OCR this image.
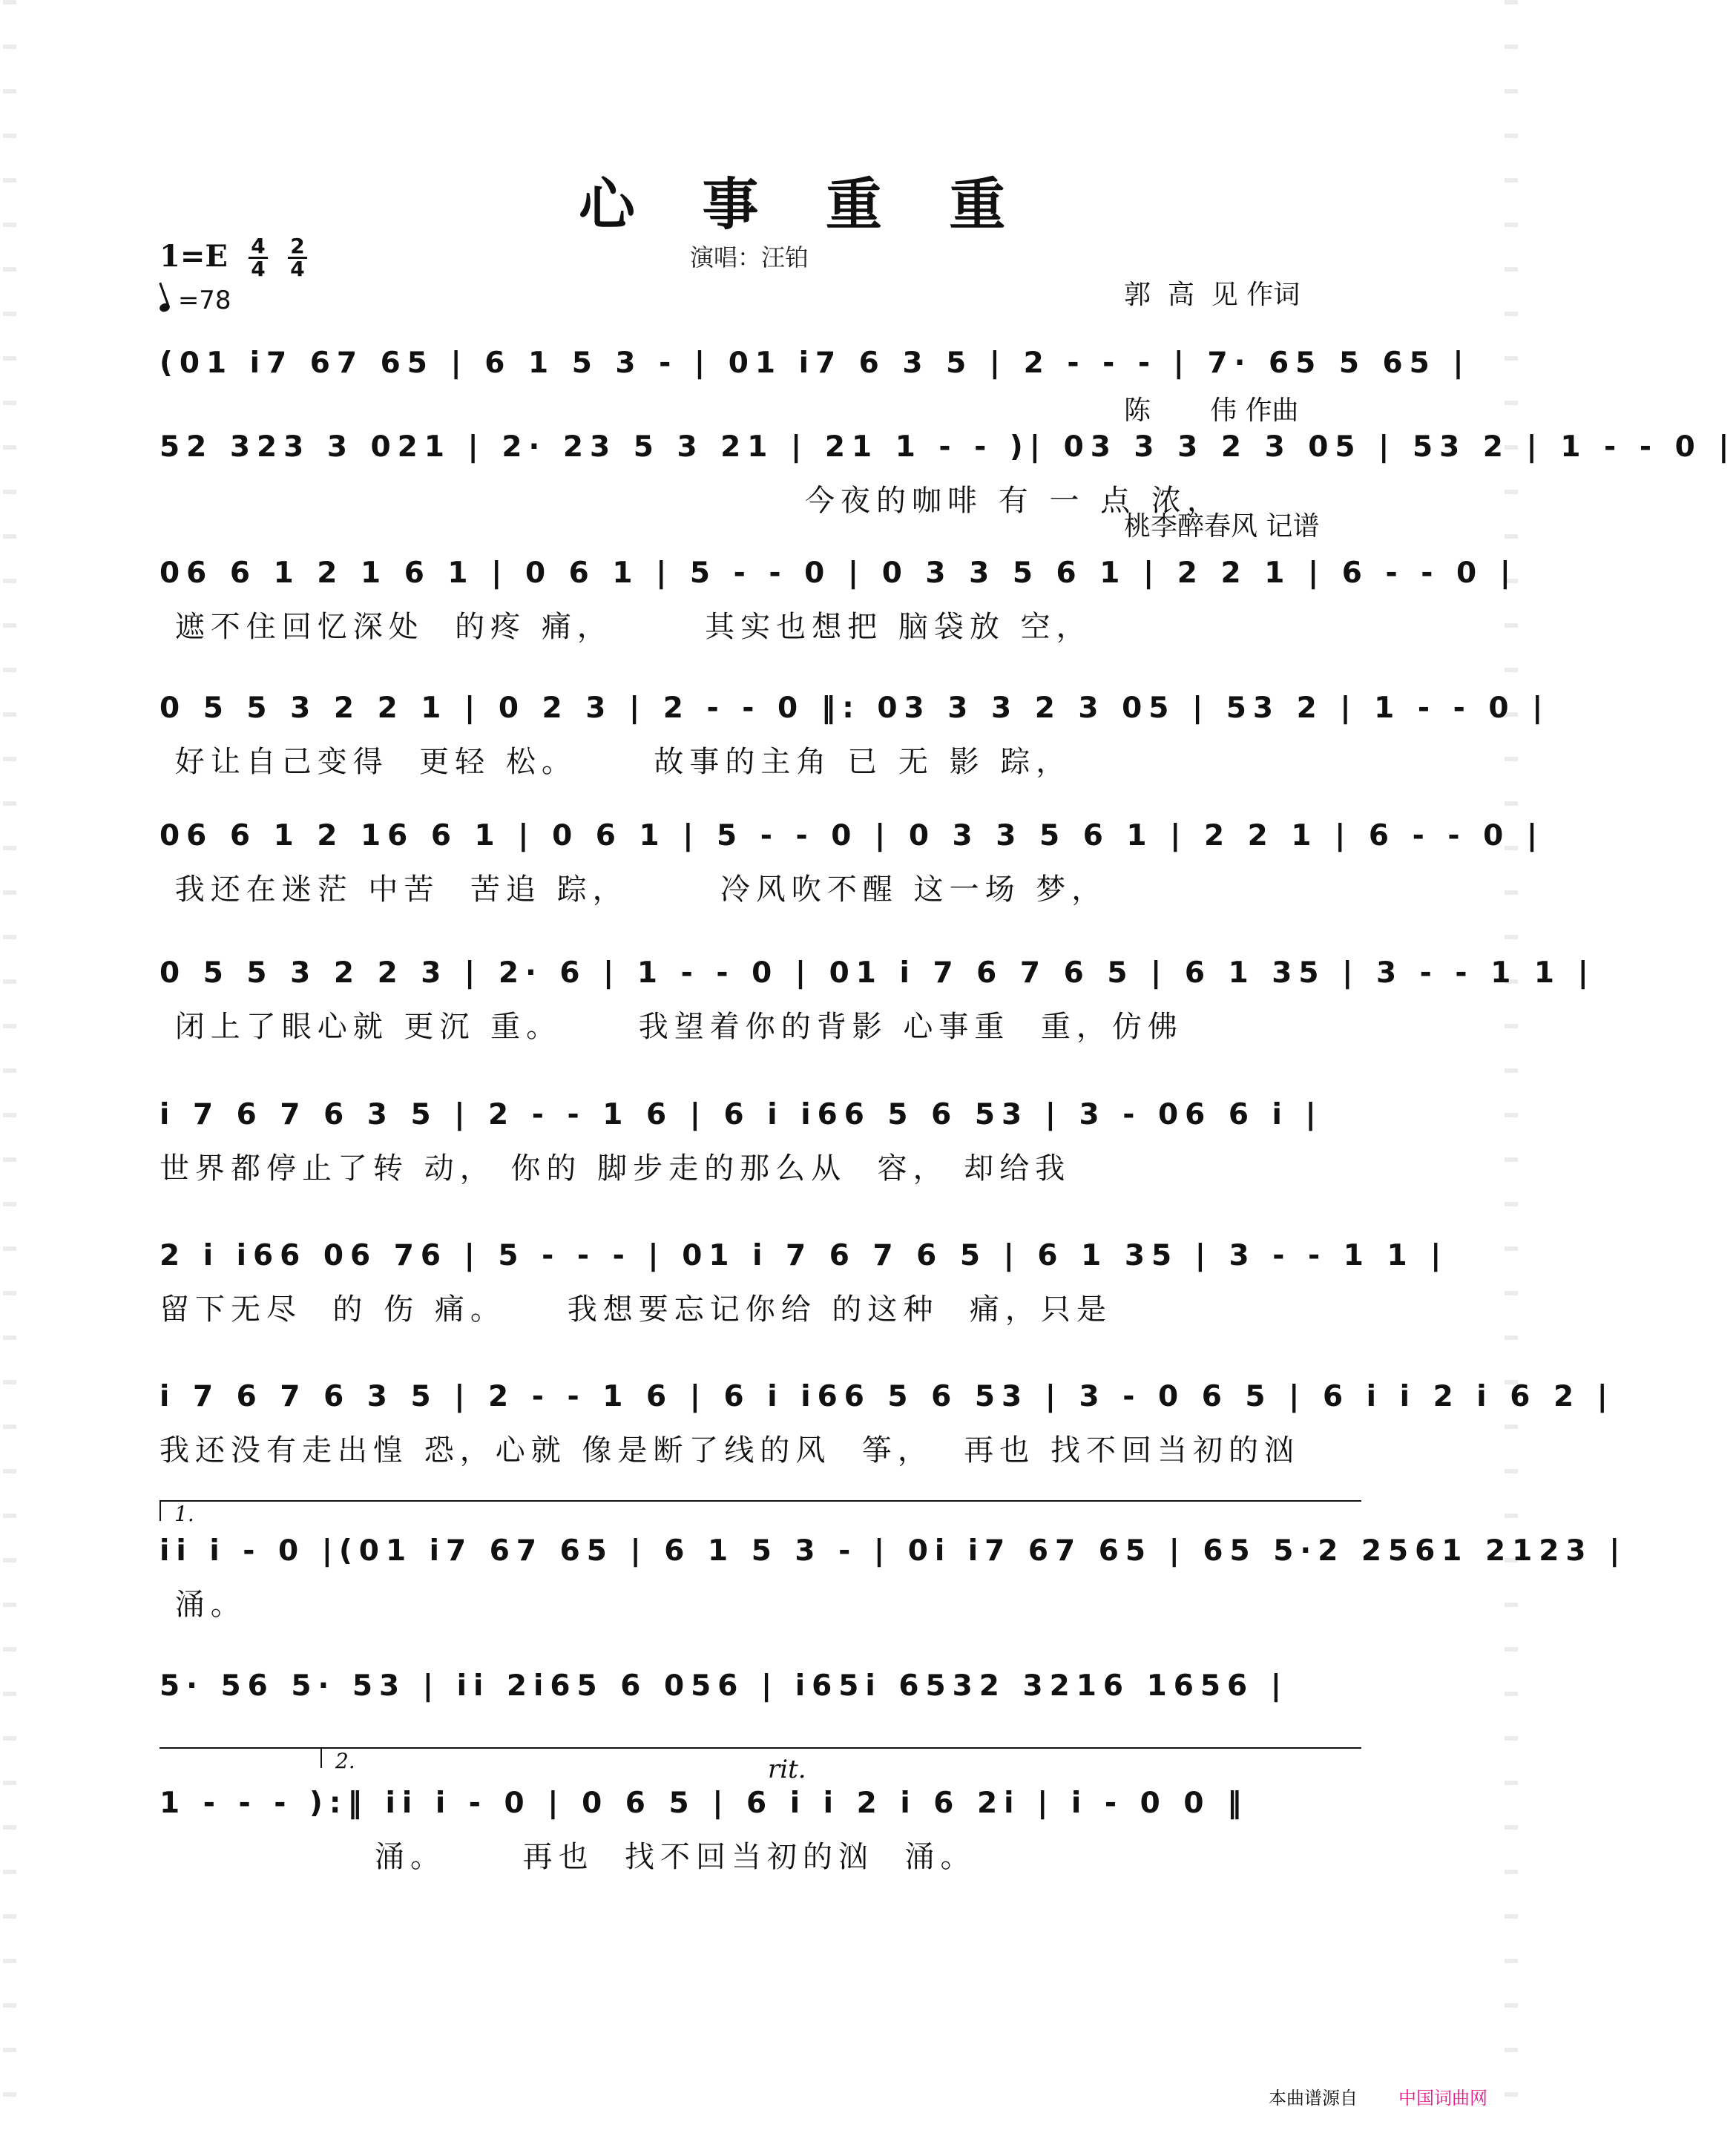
心 事 重 重
演唱：汪铂

郭  高  见 作词

陈       伟 作曲

桃李醉春风 记谱

1=E 4
4
2
4
=78
(01 i7 67 65 | 6 1 5 3 - | 01 i7 6 3 5 | 2 - - - | 7· 65 5 65 |
52 323 3 021 | 2· 23 5 3 21 | 21 1 - - )| 03 3 3 2 3 05 | 53 2 | 1 - - 0 |
今夜的咖啡 有 一 点 浓，
06 6 1 2 1 6 1 | 0 6 1 | 5 - - 0 | 0 3 3 5 6 1 | 2 2 1 | 6 - - 0 |
遮不住回忆深处  的疼 痛，      其实也想把 脑袋放 空，
0 5 5 3 2 2 1 | 0 2 3 | 2 - - 0 ‖: 03 3 3 2 3 05 | 53 2 | 1 - - 0 |
好让自己变得  更轻 松。     故事的主角 已 无 影 踪，
06 6 1 2 16 6 1 | 0 6 1 | 5 - - 0 | 0 3 3 5 6 1 | 2 2 1 | 6 - - 0 |
我还在迷茫 中苦  苦追 踪，      冷风吹不醒 这一场 梦，
0 5 5 3 2 2 3 | 2· 6 | 1 - - 0 | 01 i 7 6 7 6 5 | 6 1 35 | 3 - - 1 1 |
闭上了眼心就 更沉 重。     我望着你的背影 心事重  重，仿佛
i 7 6 7 6 3 5 | 2 - - 1 6 | 6 i i66 5 6 53 | 3 - 06 6 i |
世界都停止了转 动， 你的 脚步走的那么从  容， 却给我
2 i i66 06 76 | 5 - - - | 01 i 7 6 7 6 5 | 6 1 35 | 3 - - 1 1 |
留下无尽  的 伤 痛。    我想要忘记你给 的这种  痛，只是
i 7 6 7 6 3 5 | 2 - - 1 6 | 6 i i66 5 6 53 | 3 - 0 6 5 | 6 i i 2 i 6 2 |
我还没有走出惶 恐，心就 像是断了线的风  筝，  再也 找不回当初的汹
1.
ii i - 0 |(01 i7 67 65 | 6 1 5 3 - | 0i i7 67 65 | 65 5·2 2561 2123 |
涌。
5· 56 5· 53 | ii 2i65 6 056 | i65i 6532 3216 1656 |
2.	rit.
1 - - - ):‖ ii i - 0 | 0 6 5 | 6 i i 2 i 6 2i | i - 0 0 ‖
涌。     再也  找不回当初的汹  涌。
本曲谱源自 中国词曲网
